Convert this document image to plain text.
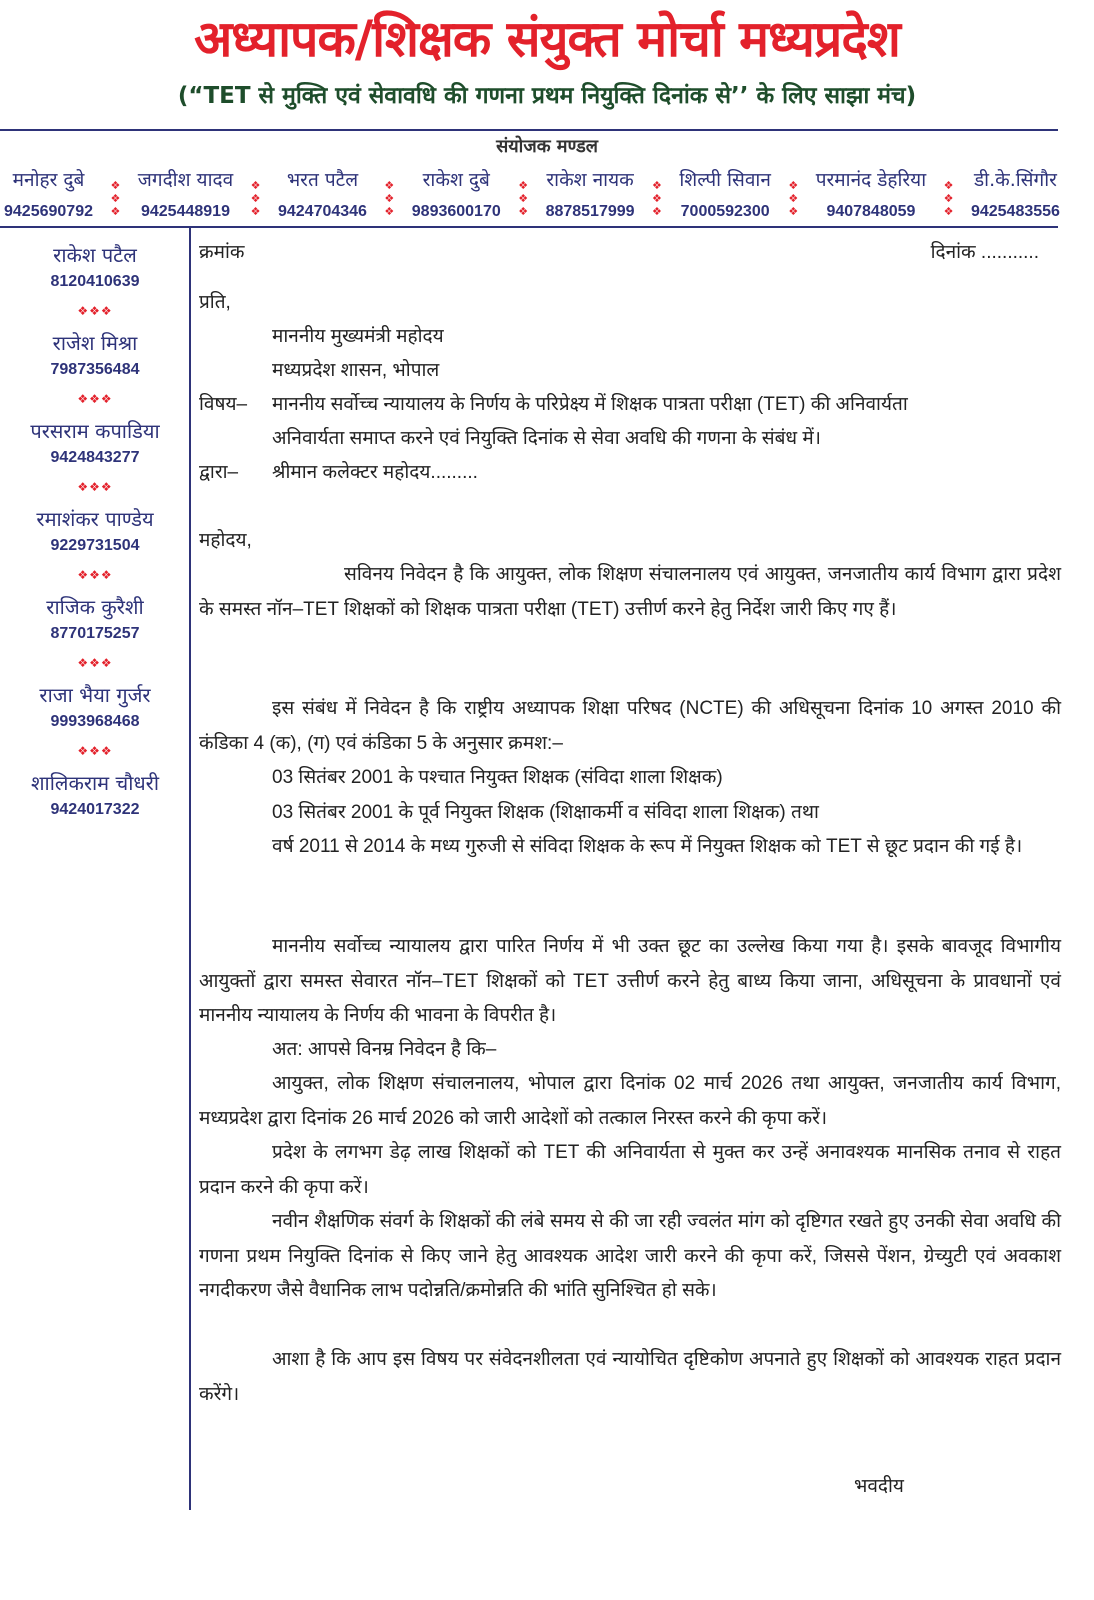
अध्यापक/शिक्षक संयुक्त मोर्चा मध्यप्रदेश
(“TET से मुक्ति एवं सेवावधि की गणना प्रथम नियुक्ति दिनांक से’’ के लिए साझा मंच)
संयोजक मण्डल
मनोहर दुबे
9425690792
❖
❖
❖
जगदीश यादव
9425448919
❖
❖
❖
भरत पटैल
9424704346
❖
❖
❖
राकेश दुबे
9893600170
❖
❖
❖
राकेश नायक
8878517999
❖
❖
❖
शिल्पी सिवान
7000592300
❖
❖
❖
परमानंद डेहरिया
9407848059
❖
❖
❖
डी.के.सिंगौर
9425483556
राकेश पटैल
8120410639
❖❖❖
राजेश मिश्रा
7987356484
❖❖❖
परसराम कपाडिया
9424843277
❖❖❖
रमाशंकर पाण्डेय
9229731504
❖❖❖
राजिक कुरैशी
8770175257
❖❖❖
राजा भैया गुर्जर
9993968468
❖❖❖
शालिकराम चौधरी
9424017322
क्रमांक	दिनांक ...........
प्रति,
माननीय मुख्यमंत्री महोदय
मध्यप्रदेश शासन, भोपाल
विषय– माननीय सर्वोच्च न्यायालय के निर्णय के परिप्रेक्ष्य में शिक्षक पात्रता परीक्षा (TET) की अनिवार्यता
अनिवार्यता समाप्त करने एवं नियुक्ति दिनांक से सेवा अवधि की गणना के संबंध में।
द्वारा– श्रीमान कलेक्टर महोदय.........
महोदय,
सविनय निवेदन है कि आयुक्त, लोक शिक्षण संचालनालय एवं आयुक्त, जनजातीय कार्य विभाग द्वारा प्रदेश के समस्त नॉन–TET शिक्षकों को शिक्षक पात्रता परीक्षा (TET) उत्तीर्ण करने हेतु निर्देश जारी किए गए हैं।
इस संबंध में निवेदन है कि राष्ट्रीय अध्यापक शिक्षा परिषद (NCTE) की अधिसूचना दिनांक 10 अगस्त 2010 की कंडिका 4 (क), (ग) एवं कंडिका 5 के अनुसार क्रमश:–
03 सितंबर 2001 के पश्चात नियुक्त शिक्षक (संविदा शाला शिक्षक)
03 सितंबर 2001 के पूर्व नियुक्त शिक्षक (शिक्षाकर्मी व संविदा शाला शिक्षक) तथा
वर्ष 2011 से 2014 के मध्य गुरुजी से संविदा शिक्षक के रूप में नियुक्त शिक्षक को TET से छूट प्रदान की गई है।
माननीय सर्वोच्च न्यायालय द्वारा पारित निर्णय में भी उक्त छूट का उल्लेख किया गया है। इसके बावजूद विभागीय आयुक्तों द्वारा समस्त सेवारत नॉन–TET शिक्षकों को TET उत्तीर्ण करने हेतु बाध्य किया जाना, अधिसूचना के प्रावधानों एवं माननीय न्यायालय के निर्णय की भावना के विपरीत है।
अत: आपसे विनम्र निवेदन है कि–
आयुक्त, लोक शिक्षण संचालनालय, भोपाल द्वारा दिनांक 02 मार्च 2026 तथा आयुक्त, जनजातीय कार्य विभाग, मध्यप्रदेश द्वारा दिनांक 26 मार्च 2026 को जारी आदेशों को तत्काल निरस्त करने की कृपा करें।
प्रदेश के लगभग डेढ़ लाख शिक्षकों को TET की अनिवार्यता से मुक्त कर उन्हें अनावश्यक मानसिक तनाव से राहत प्रदान करने की कृपा करें।
नवीन शैक्षणिक संवर्ग के शिक्षकों की लंबे समय से की जा रही ज्वलंत मांग को दृष्टिगत रखते हुए उनकी सेवा अवधि की गणना प्रथम नियुक्ति दिनांक से किए जाने हेतु आवश्यक आदेश जारी करने की कृपा करें, जिससे पेंशन, ग्रेच्युटी एवं अवकाश नगदीकरण जैसे वैधानिक लाभ पदोन्नति/क्रमोन्नति की भांति सुनिश्चित हो सके।
आशा है कि आप इस विषय पर संवेदनशीलता एवं न्यायोचित दृष्टिकोण अपनाते हुए शिक्षकों को आवश्यक राहत प्रदान करेंगे।
भवदीय
